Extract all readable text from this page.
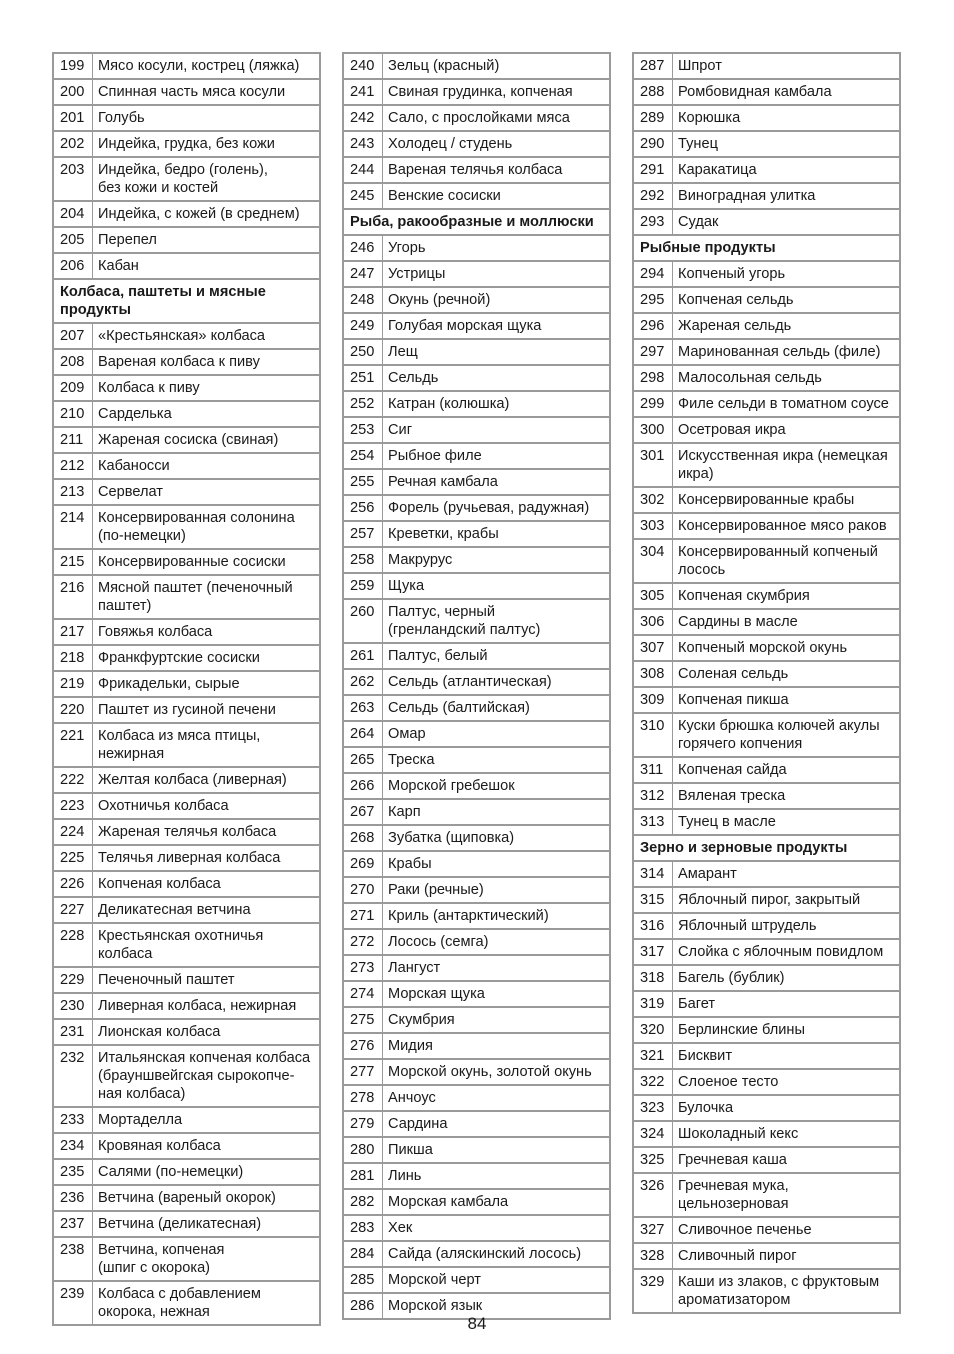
199	Мясо косули, кострец (ляжка)
200	Спинная часть мяса косули
201	Голубь
202	Индейка, грудка, без кожи
203	Индейка, бедро (голень),
без кожи и костей
204	Индейка, с кожей (в среднем)
205	Перепел
206	Кабан
Колбаса, паштеты и мясные продукты	
207	«Крестьянская» колбаса
208	Вареная колбаса к пиву
209	Колбаса к пиву
210	Сарделька
211	Жареная сосиска (свиная)
212	Кабаносси
213	Сервелат
214	Консервированная солонина (по-немецки)
215	Консервированные сосиски
216	Мясной паштет (печеночный паштет)
217	Говяжья колбаса
218	Франкфуртские сосиски
219	Фрикадельки, сырые
220	Паштет из гусиной печени
221	Колбаса из мяса птицы,
нежирная
222	Желтая колбаса (ливерная)
223	Охотничья колбаса
224	Жареная телячья колбаса
225	Телячья ливерная колбаса
226	Копченая колбаса
227	Деликатесная ветчина
228	Крестьянская охотничья колбаса
229	Печеночный паштет
230	Ливерная колбаса, нежирная
231	Лионская колбаса
232	Итальянская копченая колбаса
(брауншвейгская сырокопче-
ная колбаса)
233	Мортаделла
234	Кровяная колбаса
235	Салями (по-немецки)
236	Ветчина (вареный окорок)
237	Ветчина (деликатесная)
238	Ветчина, копченая
(шпиг с окорока)
239	Колбаса с добавлением
окорока, нежная
240	Зельц (красный)
241	Свиная грудинка, копченая
242	Сало, с прослойками мяса
243	Холодец / студень
244	Вареная телячья колбаса
245	Венские сосиски
Рыба, ракообразные и моллюски	
246	Угорь
247	Устрицы
248	Окунь (речной)
249	Голубая морская щука
250	Лещ
251	Сельдь
252	Катран (колюшка)
253	Сиг
254	Рыбное филе
255	Речная камбала
256	Форель (ручьевая, радужная)
257	Креветки, крабы
258	Макрурус
259	Щука
260	Палтус, черный
(гренландский палтус)
261	Палтус, белый
262	Сельдь (атлантическая)
263	Сельдь (балтийская)
264	Омар
265	Треска
266	Морской гребешок
267	Карп
268	Зубатка (щиповка)
269	Крабы
270	Раки (речные)
271	Криль (антарктический)
272	Лосось (семга)
273	Лангуст
274	Морская щука
275	Скумбрия
276	Мидия
277	Морской окунь, золотой окунь
278	Анчоус
279	Сардина
280	Пикша
281	Линь
282	Морская камбала
283	Хек
284	Сайда (аляскинский лосось)
285	Морской черт
286	Морской язык
287	Шпрот
288	Ромбовидная камбала
289	Корюшка
290	Тунец
291	Каракатица
292	Виноградная улитка
293	Судак
Рыбные продукты	
294	Копченый угорь
295	Копченая сельдь
296	Жареная сельдь
297	Маринованная сельдь (филе)
298	Малосольная сельдь
299	Филе сельди в томатном соусе
300	Осетровая икра
301	Искусственная икра (немецкая икра)
302	Консервированные крабы
303	Консервированное мясо раков
304	Консервированный копченый лосось
305	Копченая скумбрия
306	Сардины в масле
307	Копченый морской окунь
308	Соленая сельдь
309	Копченая пикша
310	Куски брюшка колючей акулы горячего копчения
311	Копченая сайда
312	Вяленая треска
313	Тунец в масле
Зерно и зерновые продукты	
314	Амарант
315	Яблочный пирог, закрытый
316	Яблочный штрудель
317	Слойка с яблочным повидлом
318	Багель (бублик)
319	Багет
320	Берлинские блины
321	Бисквит
322	Слоеное тесто
323	Булочка
324	Шоколадный кекс
325	Гречневая каша
326	Гречневая мука,
цельнозерновая
327	Сливочное печенье
328	Сливочный пирог
329	Каши из злаков, с фруктовым ароматизатором
84
